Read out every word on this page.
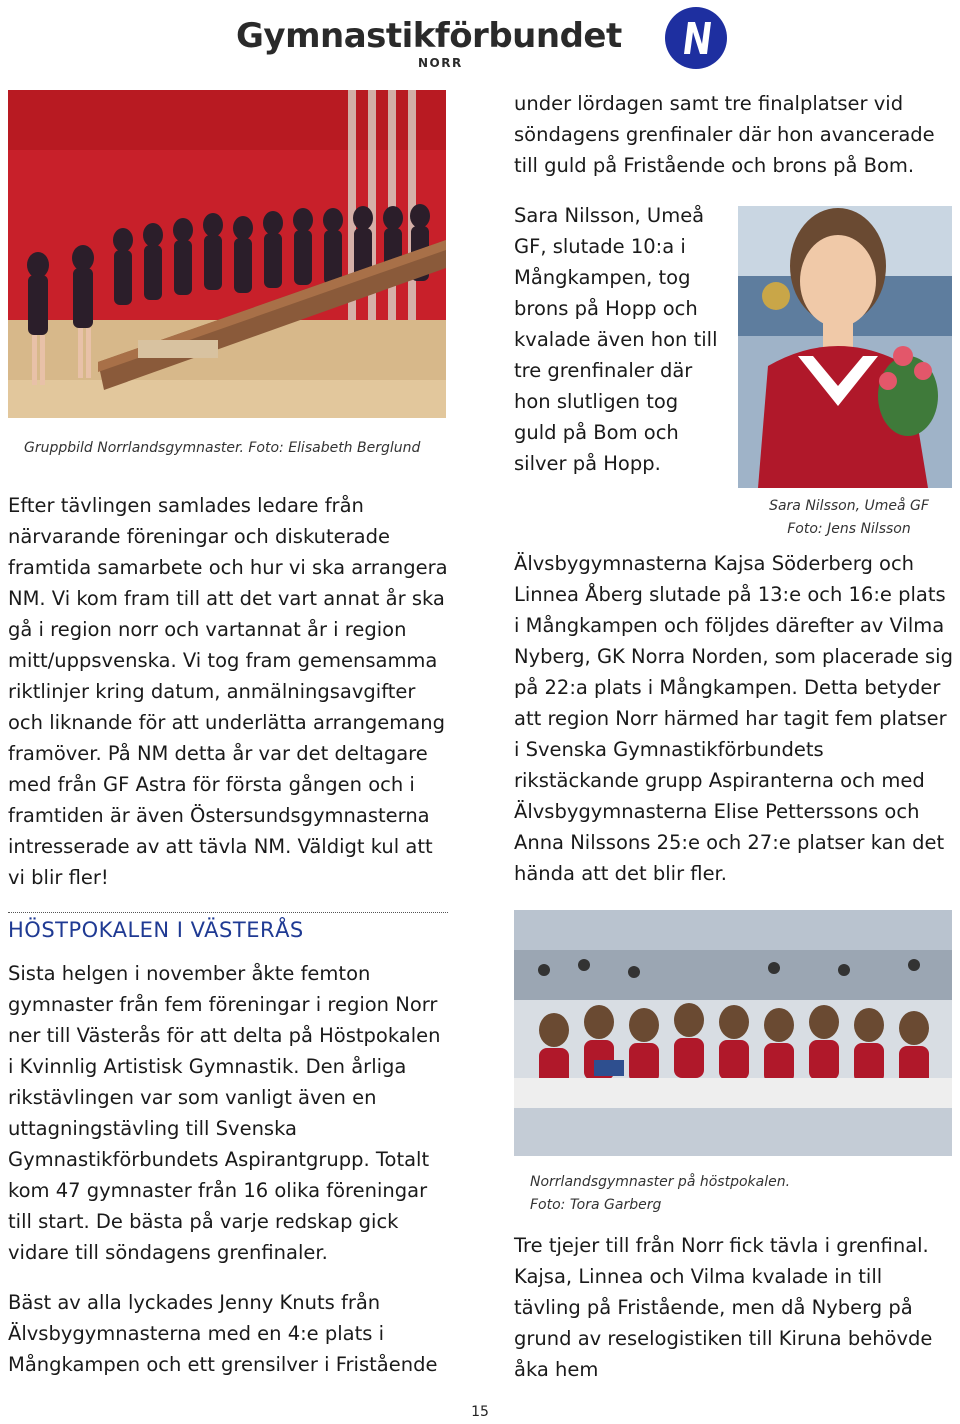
Gymnastikförbundet
NORR
Gruppbild Norrlandsgymnaster. Foto: Elisabeth Berglund

Efter tävlingen samlades ledare från närvarande föreningar och diskuterade framtida samarbete och hur vi ska arrangera NM. Vi kom fram till att det vart annat år ska gå i region norr och vartannat år i region mitt/uppsvenska. Vi tog fram gemensamma riktlinjer kring datum, anmälningsavgifter och liknande för att underlätta arrangemang framöver. På NM detta år var det deltagare med från GF Astra för första gången och i framtiden är även Östersundsgymnasterna intresserade av att tävla NM. Väldigt kul att vi blir fler!

HÖSTPOKALEN I VÄSTERÅS

Sista helgen i november åkte femton gymnaster från fem föreningar i region Norr ner till Västerås för att delta på Höstpokalen i Kvinnlig Artistisk Gymnastik. Den årliga rikstävlingen var som vanligt även en uttagningstävling till Svenska Gymnastikförbundets Aspirantgrupp. Totalt kom 47 gymnaster från 16 olika föreningar till start. De bästa på varje redskap gick vidare till söndagens grenfinaler.

Bäst av alla lyckades Jenny Knuts från Älvsbygymnasterna med en 4:e plats i Mångkampen och ett grensilver i Fristående

under lördagen samt tre finalplatser vid söndagens grenfinaler där hon avancerade till guld på Fristående och brons på Bom.

Sara Nilsson, Umeå GF, slutade 10:a i Mångkampen, tog brons på Hopp och kvalade även hon till tre grenfinaler där hon slutligen tog guld på Bom och silver på Hopp.

Sara Nilsson, Umeå GF
Foto: Jens Nilsson

Älvsbygymnasterna Kajsa Söderberg och Linnea Åberg slutade på 13:e och 16:e plats i Mångkampen och följdes därefter av Vilma Nyberg, GK Norra Norden, som placerade sig på 22:a plats i Mångkampen. Detta betyder att region Norr härmed har tagit fem platser i Svenska Gymnastikförbundets rikstäckande grupp Aspiranterna och med Älvsbygymnasterna Elise Petterssons och Anna Nilssons 25:e och 27:e platser kan det hända att det blir fler.

Norrlandsgymnaster på höstpokalen.
Foto: Tora Garberg

Tre tjejer till från Norr fick tävla i grenfinal. Kajsa, Linnea och Vilma kvalade in till tävling på Fristående, men då Nyberg på grund av reselogistiken till Kiruna behövde åka hem

15
